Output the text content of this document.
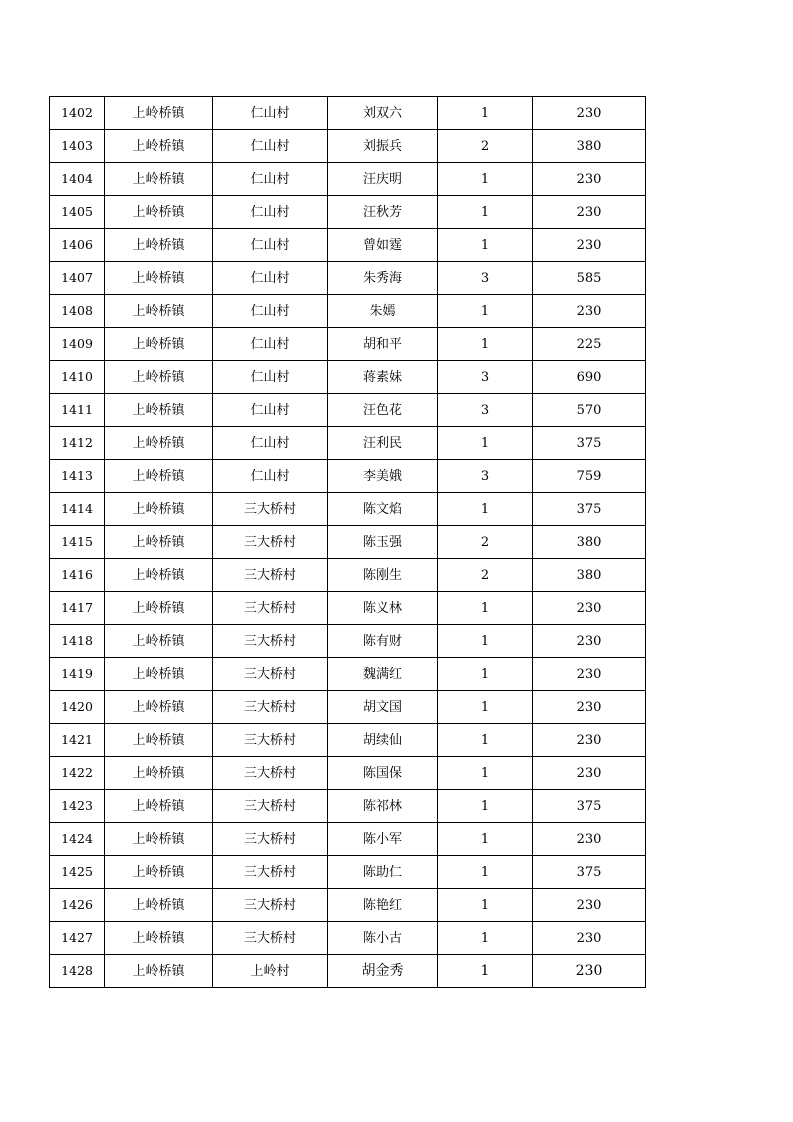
1402	上岭桥镇	仁山村	刘双六	1	230
1403	上岭桥镇	仁山村	刘振兵	2	380
1404	上岭桥镇	仁山村	汪庆明	1	230
1405	上岭桥镇	仁山村	汪秋芳	1	230
1406	上岭桥镇	仁山村	曾如霆	1	230
1407	上岭桥镇	仁山村	朱秀海	3	585
1408	上岭桥镇	仁山村	朱嫣	1	230
1409	上岭桥镇	仁山村	胡和平	1	225
1410	上岭桥镇	仁山村	蒋素妹	3	690
1411	上岭桥镇	仁山村	汪色花	3	570
1412	上岭桥镇	仁山村	汪利民	1	375
1413	上岭桥镇	仁山村	李美娥	3	759
1414	上岭桥镇	三大桥村	陈文焰	1	375
1415	上岭桥镇	三大桥村	陈玉强	2	380
1416	上岭桥镇	三大桥村	陈刚生	2	380
1417	上岭桥镇	三大桥村	陈义林	1	230
1418	上岭桥镇	三大桥村	陈有财	1	230
1419	上岭桥镇	三大桥村	魏满红	1	230
1420	上岭桥镇	三大桥村	胡文国	1	230
1421	上岭桥镇	三大桥村	胡续仙	1	230
1422	上岭桥镇	三大桥村	陈国保	1	230
1423	上岭桥镇	三大桥村	陈祁林	1	375
1424	上岭桥镇	三大桥村	陈小军	1	230
1425	上岭桥镇	三大桥村	陈助仁	1	375
1426	上岭桥镇	三大桥村	陈艳红	1	230
1427	上岭桥镇	三大桥村	陈小古	1	230
1428	上岭桥镇	上岭村	胡金秀	1	230
